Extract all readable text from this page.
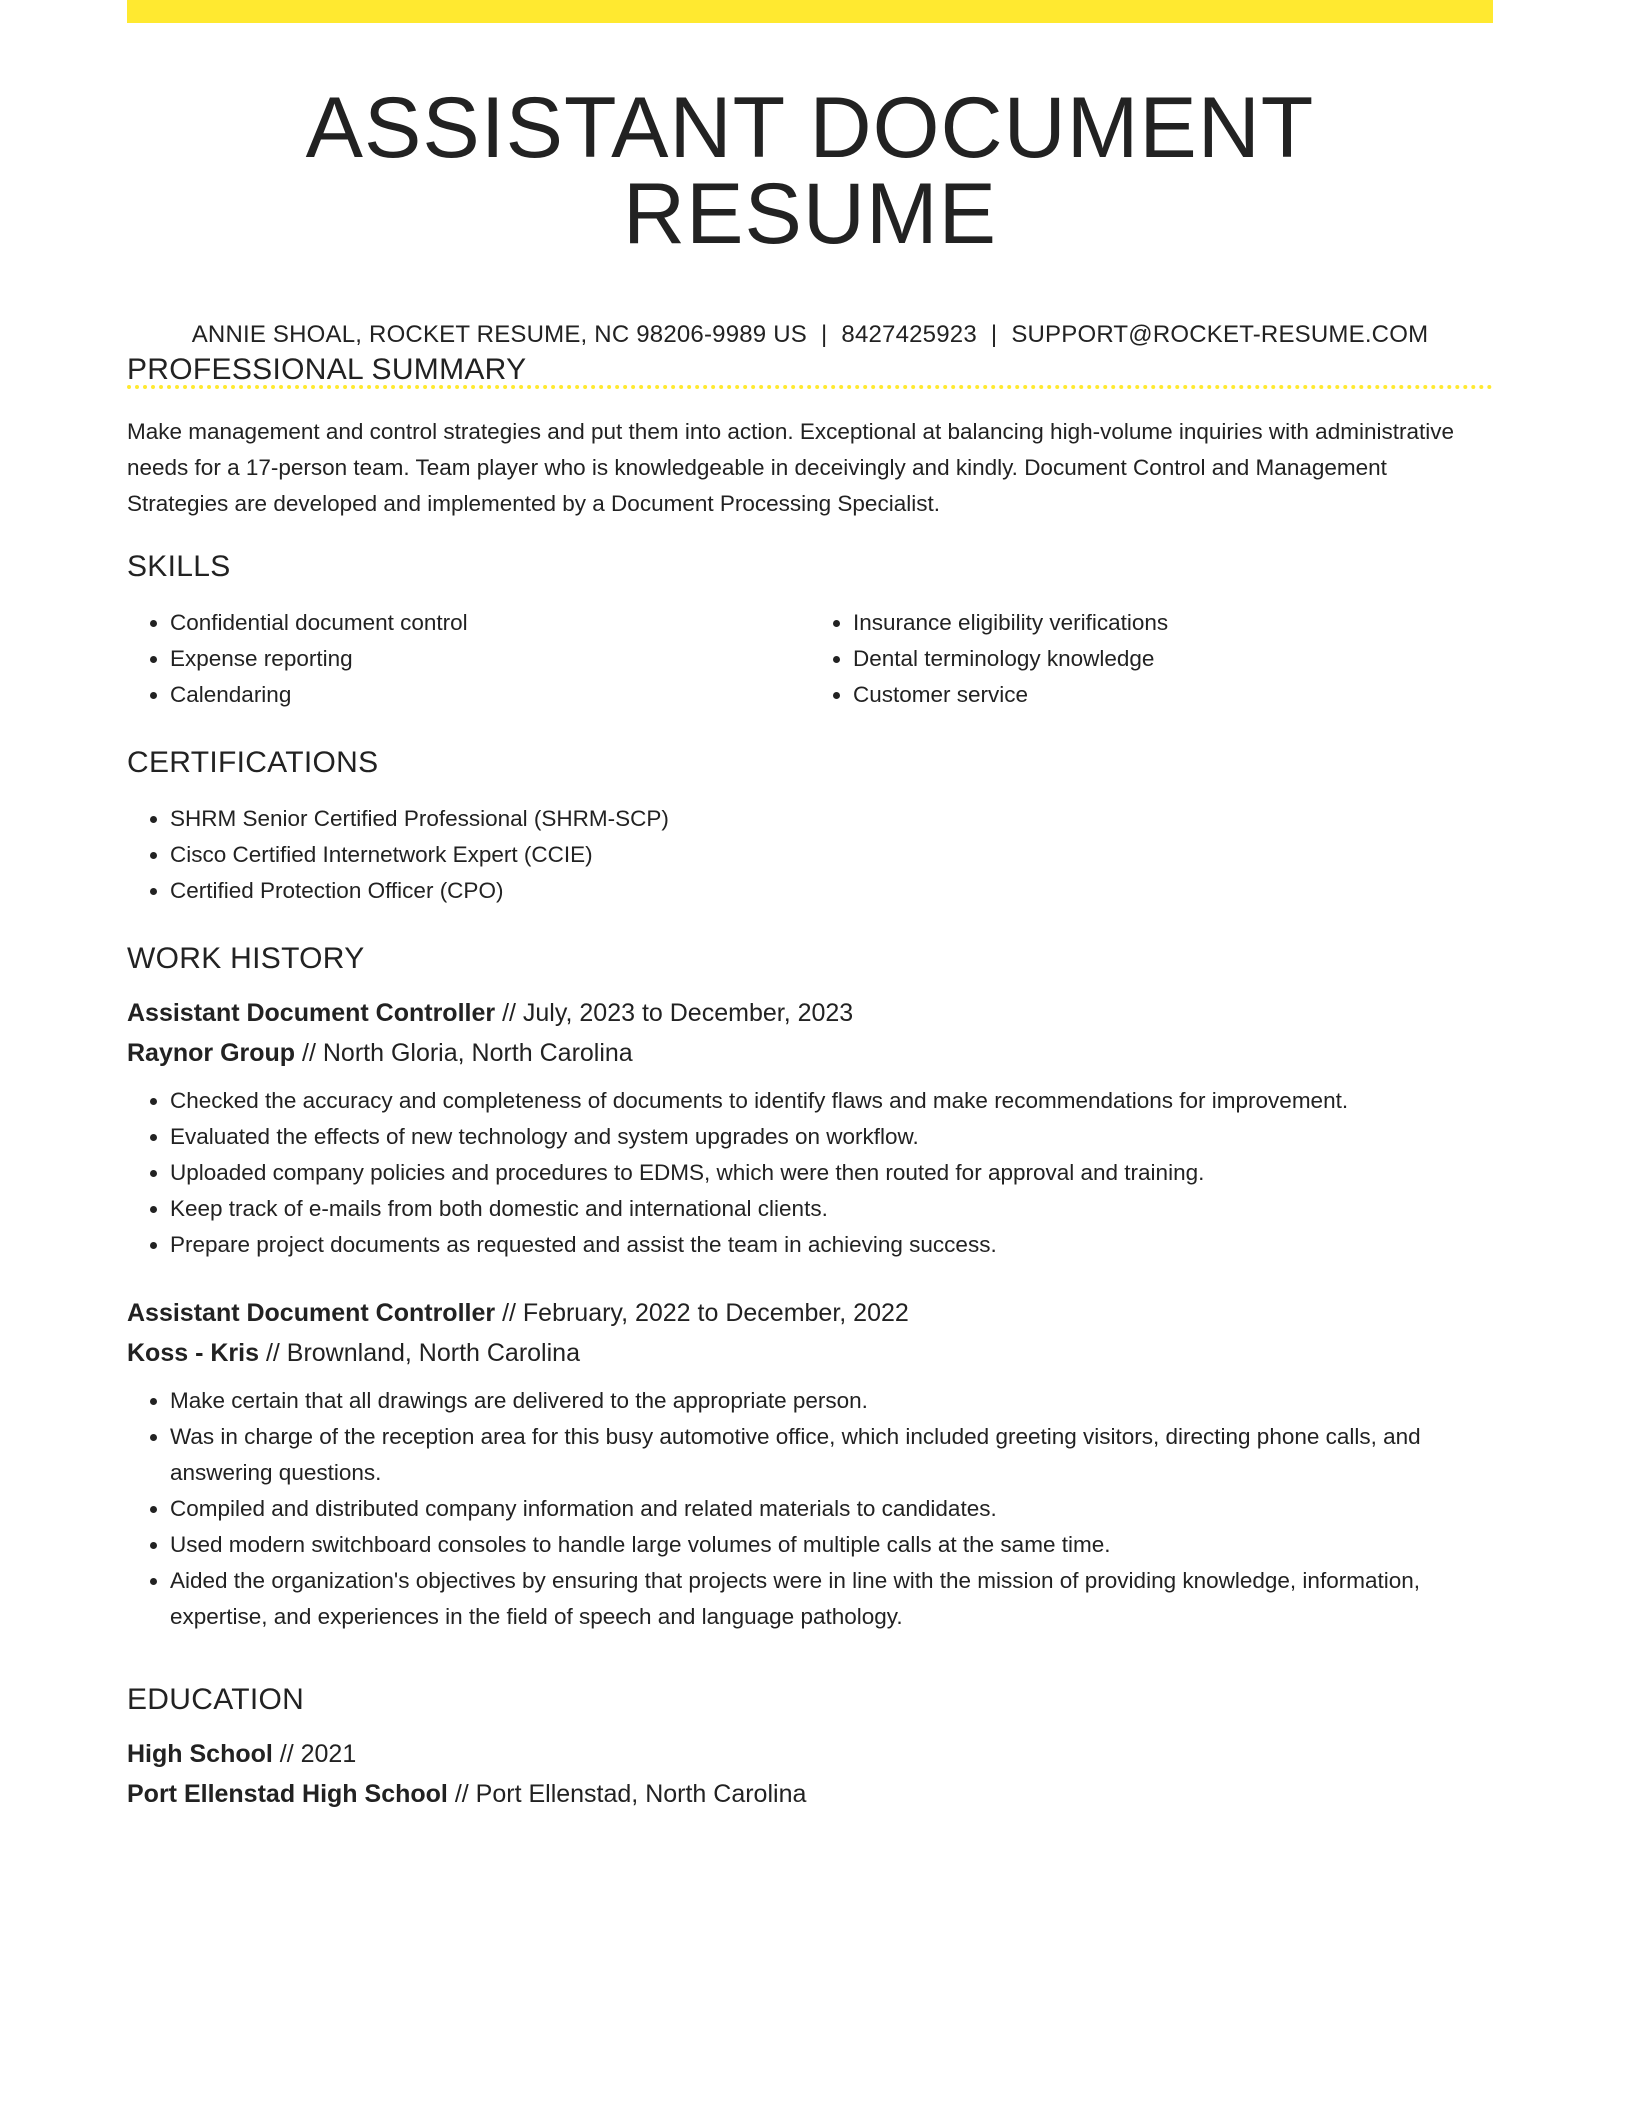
ASSISTANT DOCUMENT RESUME
ANNIE SHOAL, ROCKET RESUME, NC 98206-9989 US | 8427425923 | SUPPORT@ROCKET-RESUME.COM
PROFESSIONAL SUMMARY

Make management and control strategies and put them into action. Exceptional at balancing high-volume inquiries with administrative needs for a 17-person team. Team player who is knowledgeable in deceivingly and kindly. Document Control and Management Strategies are developed and implemented by a Document Processing Specialist.

SKILLS
• Confidential document control
• Expense reporting
• Calendaring
• Insurance eligibility verifications
• Dental terminology knowledge
• Customer service
CERTIFICATIONS
• SHRM Senior Certified Professional (SHRM-SCP)
• Cisco Certified Internetwork Expert (CCIE)
• Certified Protection Officer (CPO)
WORK HISTORY
Assistant Document Controller // July, 2023 to December, 2023
Raynor Group // North Gloria, North Carolina
• Checked the accuracy and completeness of documents to identify flaws and make recommendations for improvement.
• Evaluated the effects of new technology and system upgrades on workflow.
• Uploaded company policies and procedures to EDMS, which were then routed for approval and training.
• Keep track of e-mails from both domestic and international clients.
• Prepare project documents as requested and assist the team in achieving success.
Assistant Document Controller // February, 2022 to December, 2022
Koss - Kris // Brownland, North Carolina
• Make certain that all drawings are delivered to the appropriate person.
• Was in charge of the reception area for this busy automotive office, which included greeting visitors, directing phone calls, and answering questions.
• Compiled and distributed company information and related materials to candidates.
• Used modern switchboard consoles to handle large volumes of multiple calls at the same time.
• Aided the organization's objectives by ensuring that projects were in line with the mission of providing knowledge, information, expertise, and experiences in the field of speech and language pathology.
EDUCATION
High School // 2021
Port Ellenstad High School // Port Ellenstad, North Carolina
